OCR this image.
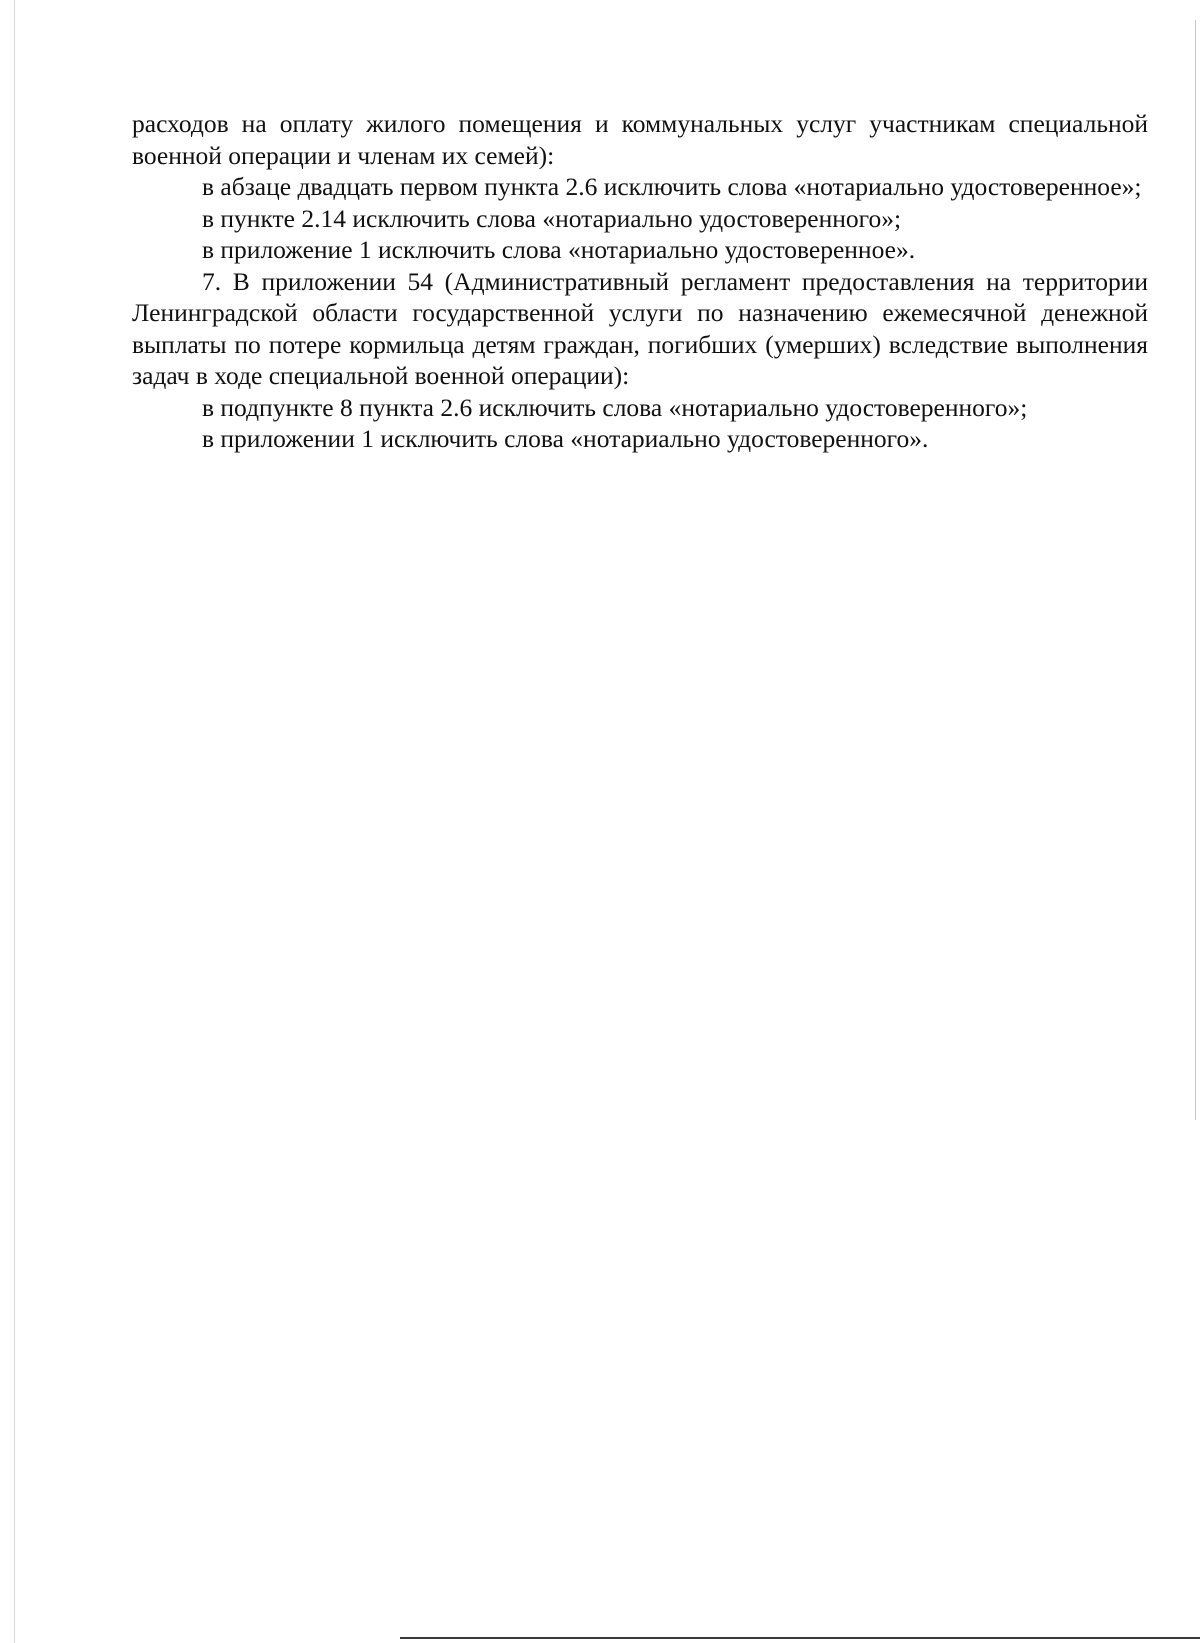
расходов на оплату жилого помещения и коммунальных услуг участникам специальной военной операции и членам их семей):

в абзаце двадцать первом пункта 2.6 исключить слова «нотариально удостоверенное»;

в пункте 2.14 исключить слова «нотариально удостоверенного»;

в приложение 1 исключить слова «нотариально удостоверенное».

7. В приложении 54 (Административный регламент предоставления на территории Ленинградской области государственной услуги по назначению ежемесячной денежной выплаты по потере кормильца детям граждан, погибших (умерших) вследствие выполнения задач в ходе специальной военной операции):

в подпункте 8 пункта 2.6 исключить слова «нотариально удостоверенного»;

в приложении 1 исключить слова «нотариально удостоверенного».
